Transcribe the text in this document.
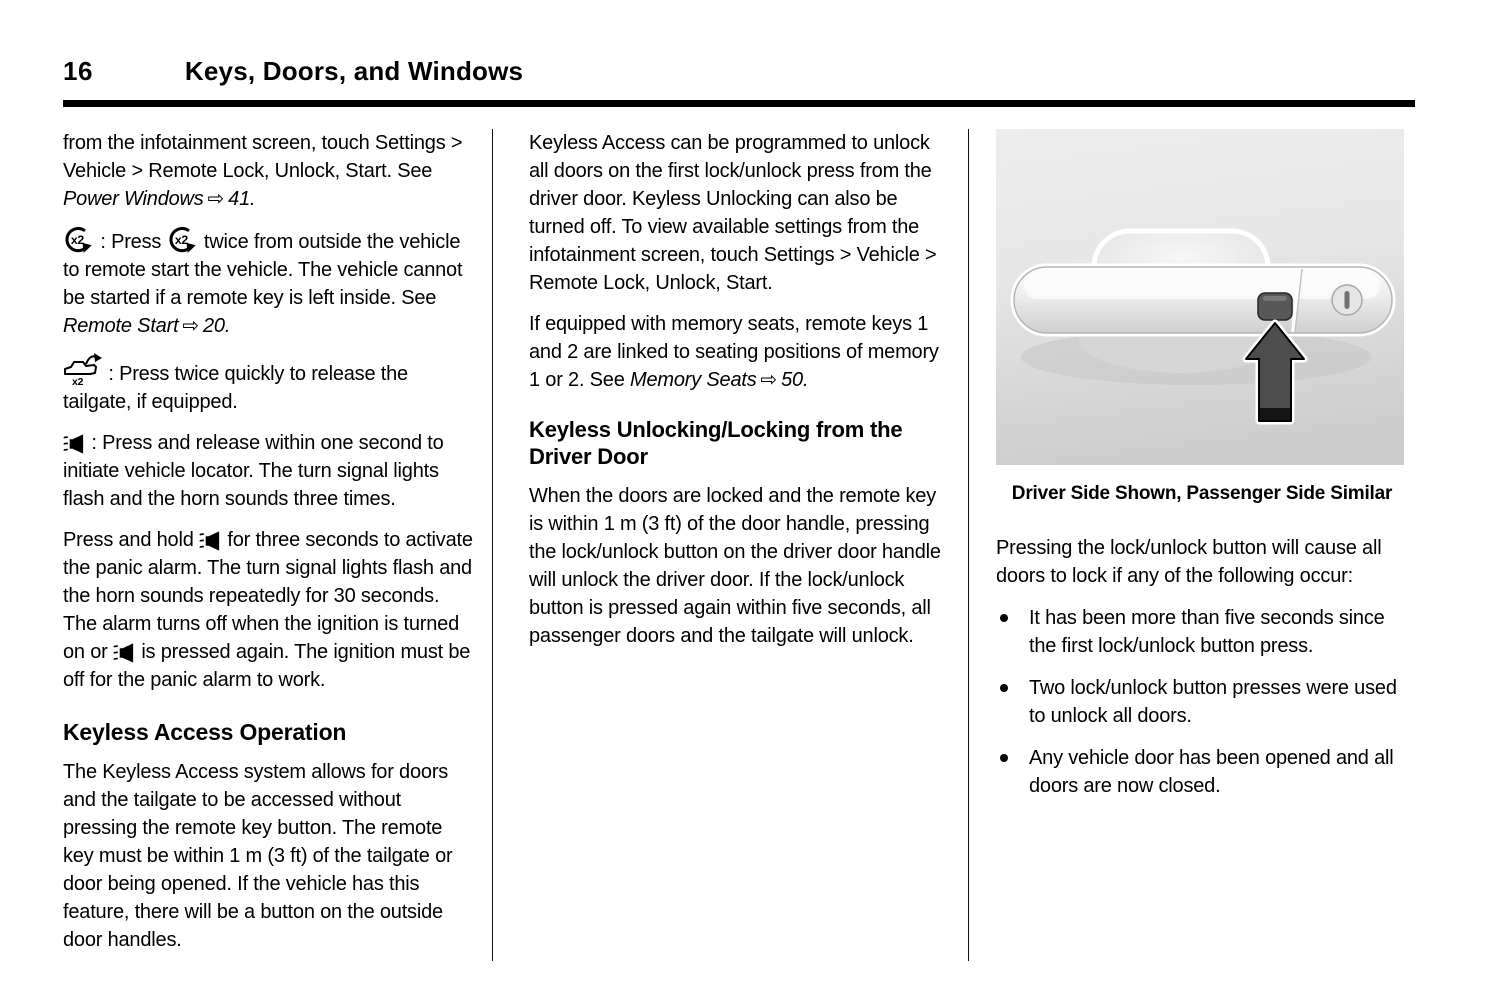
16	Keys, Doors, and Windows

from the infotainment screen, touch Settings > Vehicle > Remote Lock, Unlock, Start. See Power Windows ⇨ 41.

x2 : Press x2 twice from outside the vehicle to remote start the vehicle. The vehicle cannot be started if a remote key is left inside. See Remote Start ⇨ 20.

x2 : Press twice quickly to release the tailgate, if equipped.

: Press and release within one second to initiate vehicle locator. The turn signal lights flash and the horn sounds three times.

Press and hold for three seconds to activate the panic alarm. The turn signal lights flash and the horn sounds repeatedly for 30 seconds. The alarm turns off when the ignition is turned on or is pressed again. The ignition must be off for the panic alarm to work.

Keyless Access Operation

The Keyless Access system allows for doors and the tailgate to be accessed without pressing the remote key button. The remote key must be within 1 m (3 ft) of the tailgate or door being opened. If the vehicle has this feature, there will be a button on the outside door handles.

Keyless Access can be programmed to unlock all doors on the first lock/unlock press from the driver door. Keyless Unlocking can also be turned off. To view available settings from the infotainment screen, touch Settings > Vehicle > Remote Lock, Unlock, Start.

If equipped with memory seats, remote keys 1 and 2 are linked to seating positions of memory 1 or 2. See Memory Seats ⇨ 50.

Keyless Unlocking/Locking from the Driver Door

When the doors are locked and the remote key is within 1 m (3 ft) of the door handle, pressing the lock/unlock button on the driver door handle will unlock the driver door. If the lock/unlock button is pressed again within five seconds, all passenger doors and the tailgate will unlock.

Driver Side Shown, Passenger Side Similar

Pressing the lock/unlock button will cause all doors to lock if any of the following occur:

It has been more than five seconds since the first lock/unlock button press.
Two lock/unlock button presses were used to unlock all doors.
Any vehicle door has been opened and all doors are now closed.
